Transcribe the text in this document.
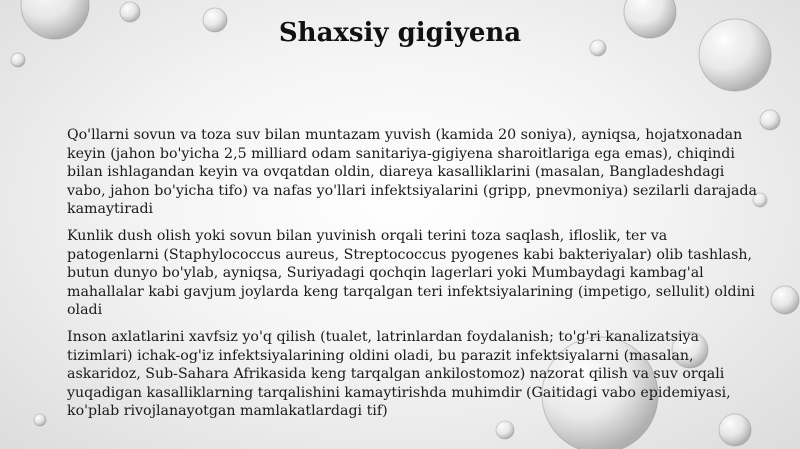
Shaxsiy gigiyena

Qo'llarni sovun va toza suv bilan muntazam yuvish (kamida 20 soniya), ayniqsa, hojatxonadan keyin (jahon bo'yicha 2,5 milliard odam sanitariya-gigiyena sharoitlariga ega emas), chiqindi bilan ishlagandan keyin va ovqatdan oldin, diareya kasalliklarini (masalan, Bangladeshdagi vabo, jahon bo'yicha tifo) va nafas yo'llari infektsiyalarini (gripp, pnevmoniya) sezilarli darajada kamaytiradi

Kunlik dush olish yoki sovun bilan yuvinish orqali terini toza saqlash, ifloslik, ter va patogenlarni (Staphylococcus aureus, Streptococcus pyogenes kabi bakteriyalar) olib tashlash, butun dunyo bo'ylab, ayniqsa, Suriyadagi qochqin lagerlari yoki Mumbaydagi kambag'al mahallalar kabi gavjum joylarda keng tarqalgan teri infektsiyalarining (impetigo, sellulit) oldini oladi

Inson axlatlarini xavfsiz yo'q qilish (tualet, latrinlardan foydalanish; to'g'ri kanalizatsiya tizimlari) ichak-og'iz infektsiyalarining oldini oladi, bu parazit infektsiyalarni (masalan, askaridoz, Sub-Sahara Afrikasida keng tarqalgan ankilostomoz) nazorat qilish va suv orqali yuqadigan kasalliklarning tarqalishini kamaytirishda muhimdir (Gaitidagi vabo epidemiyasi, ko'plab rivojlanayotgan mamlakatlardagi tif)
